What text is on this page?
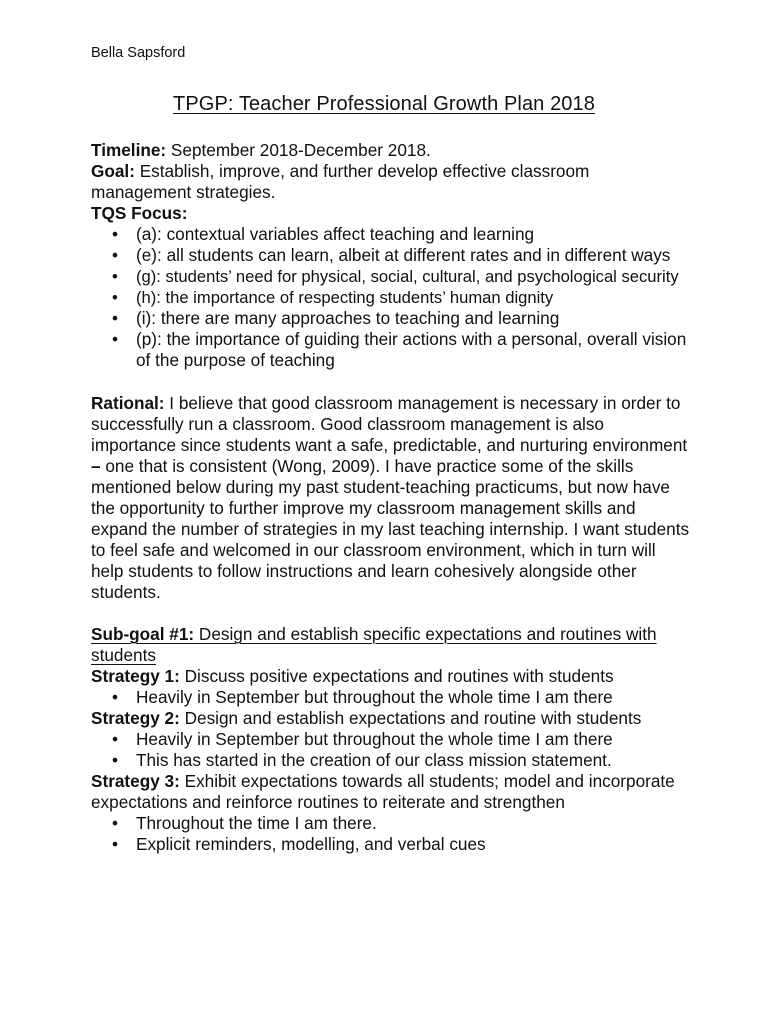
Bella Sapsford
TPGP: Teacher Professional Growth Plan 2018

Timeline: September 2018-December 2018.

Goal: Establish, improve, and further develop effective classroom management strategies.

TQS Focus:

• (a): contextual variables affect teaching and learning
• (e): all students can learn, albeit at different rates and in different ways
• (g): students’ need for physical, social, cultural, and psychological security
• (h): the importance of respecting students’ human dignity
• (i): there are many approaches to teaching and learning
• (p): the importance of guiding their actions with a personal, overall vision of the purpose of teaching

Rational: I believe that good classroom management is necessary in order to successfully run a classroom. Good classroom management is also importance since students want a safe, predictable, and nurturing environment – one that is consistent (Wong, 2009). I have practice some of the skills mentioned below during my past student-teaching practicums, but now have the opportunity to further improve my classroom management skills and expand the number of strategies in my last teaching internship. I want students to feel safe and welcomed in our classroom environment, which in turn will help students to follow instructions and learn cohesively alongside other students.

Sub-goal #1: Design and establish specific expectations and routines with students

Strategy 1: Discuss positive expectations and routines with students

• Heavily in September but throughout the whole time I am there

Strategy 2: Design and establish expectations and routine with students

• Heavily in September but throughout the whole time I am there
• This has started in the creation of our class mission statement.

Strategy 3: Exhibit expectations towards all students; model and incorporate expectations and reinforce routines to reiterate and strengthen

• Throughout the time I am there.
• Explicit reminders, modelling, and verbal cues
